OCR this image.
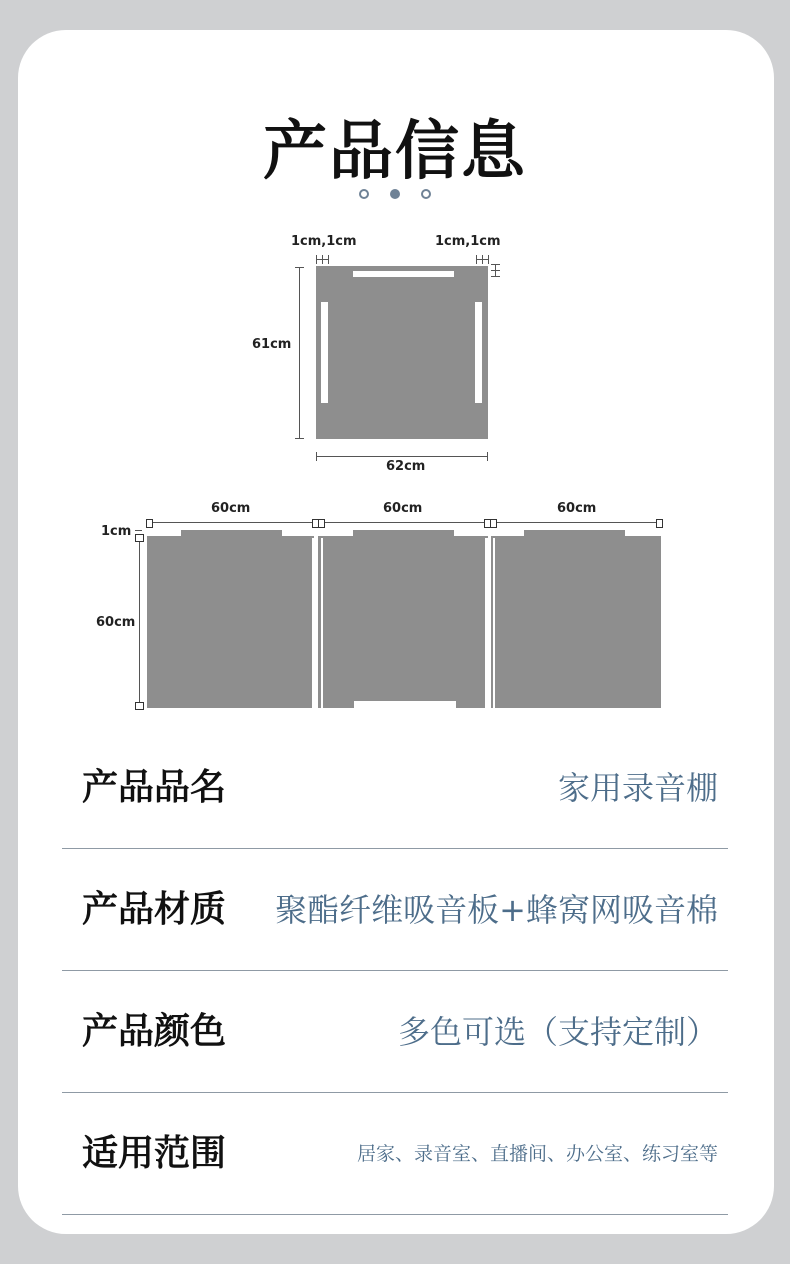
产品信息
1cm,1cm	1cm,1cm
61cm
62cm
60cm	60cm	60cm
1cm
60cm
产品品名	家用录音棚
产品材质 聚酯纤维吸音板+蜂窝网吸音棉
产品颜色	多色可选（支持定制）
适用范围	居家、录音室、直播间、办公室、练习室等
